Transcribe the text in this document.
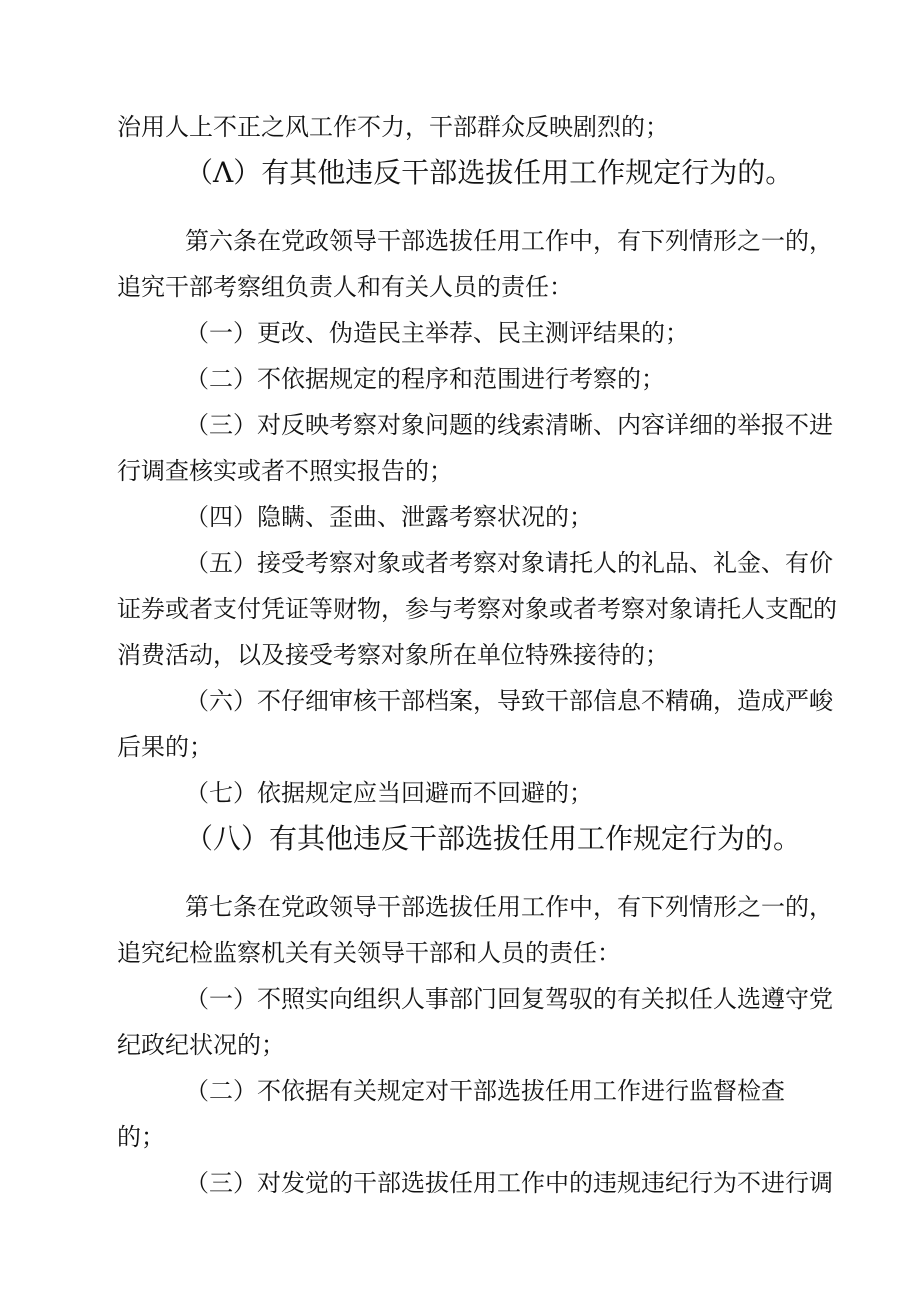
治用人上不正之风工作不力，干部群众反映剧烈的；
（Λ）有其他违反干部选拔任用工作规定行为的。
第六条在党政领导干部选拔任用工作中，有下列情形之一的，
追究干部考察组负责人和有关人员的责任：
（一）更改、伪造民主举荐、民主测评结果的；
（二）不依据规定的程序和范围进行考察的；
（三）对反映考察对象问题的线索清晰、内容详细的举报不进
行调查核实或者不照实报告的；
（四）隐瞒、歪曲、泄露考察状况的；
（五）接受考察对象或者考察对象请托人的礼品、礼金、有价
证券或者支付凭证等财物，参与考察对象或者考察对象请托人支配的
消费活动，以及接受考察对象所在单位特殊接待的；
（六）不仔细审核干部档案，导致干部信息不精确，造成严峻
后果的；
（七）依据规定应当回避而不回避的；
（八）有其他违反干部选拔任用工作规定行为的。
第七条在党政领导干部选拔任用工作中，有下列情形之一的，
追究纪检监察机关有关领导干部和人员的责任：
（一）不照实向组织人事部门回复驾驭的有关拟任人选遵守党
纪政纪状况的；
（二）不依据有关规定对干部选拔任用工作进行监督检查
的；
（三）对发觉的干部选拔任用工作中的违规违纪行为不进行调
